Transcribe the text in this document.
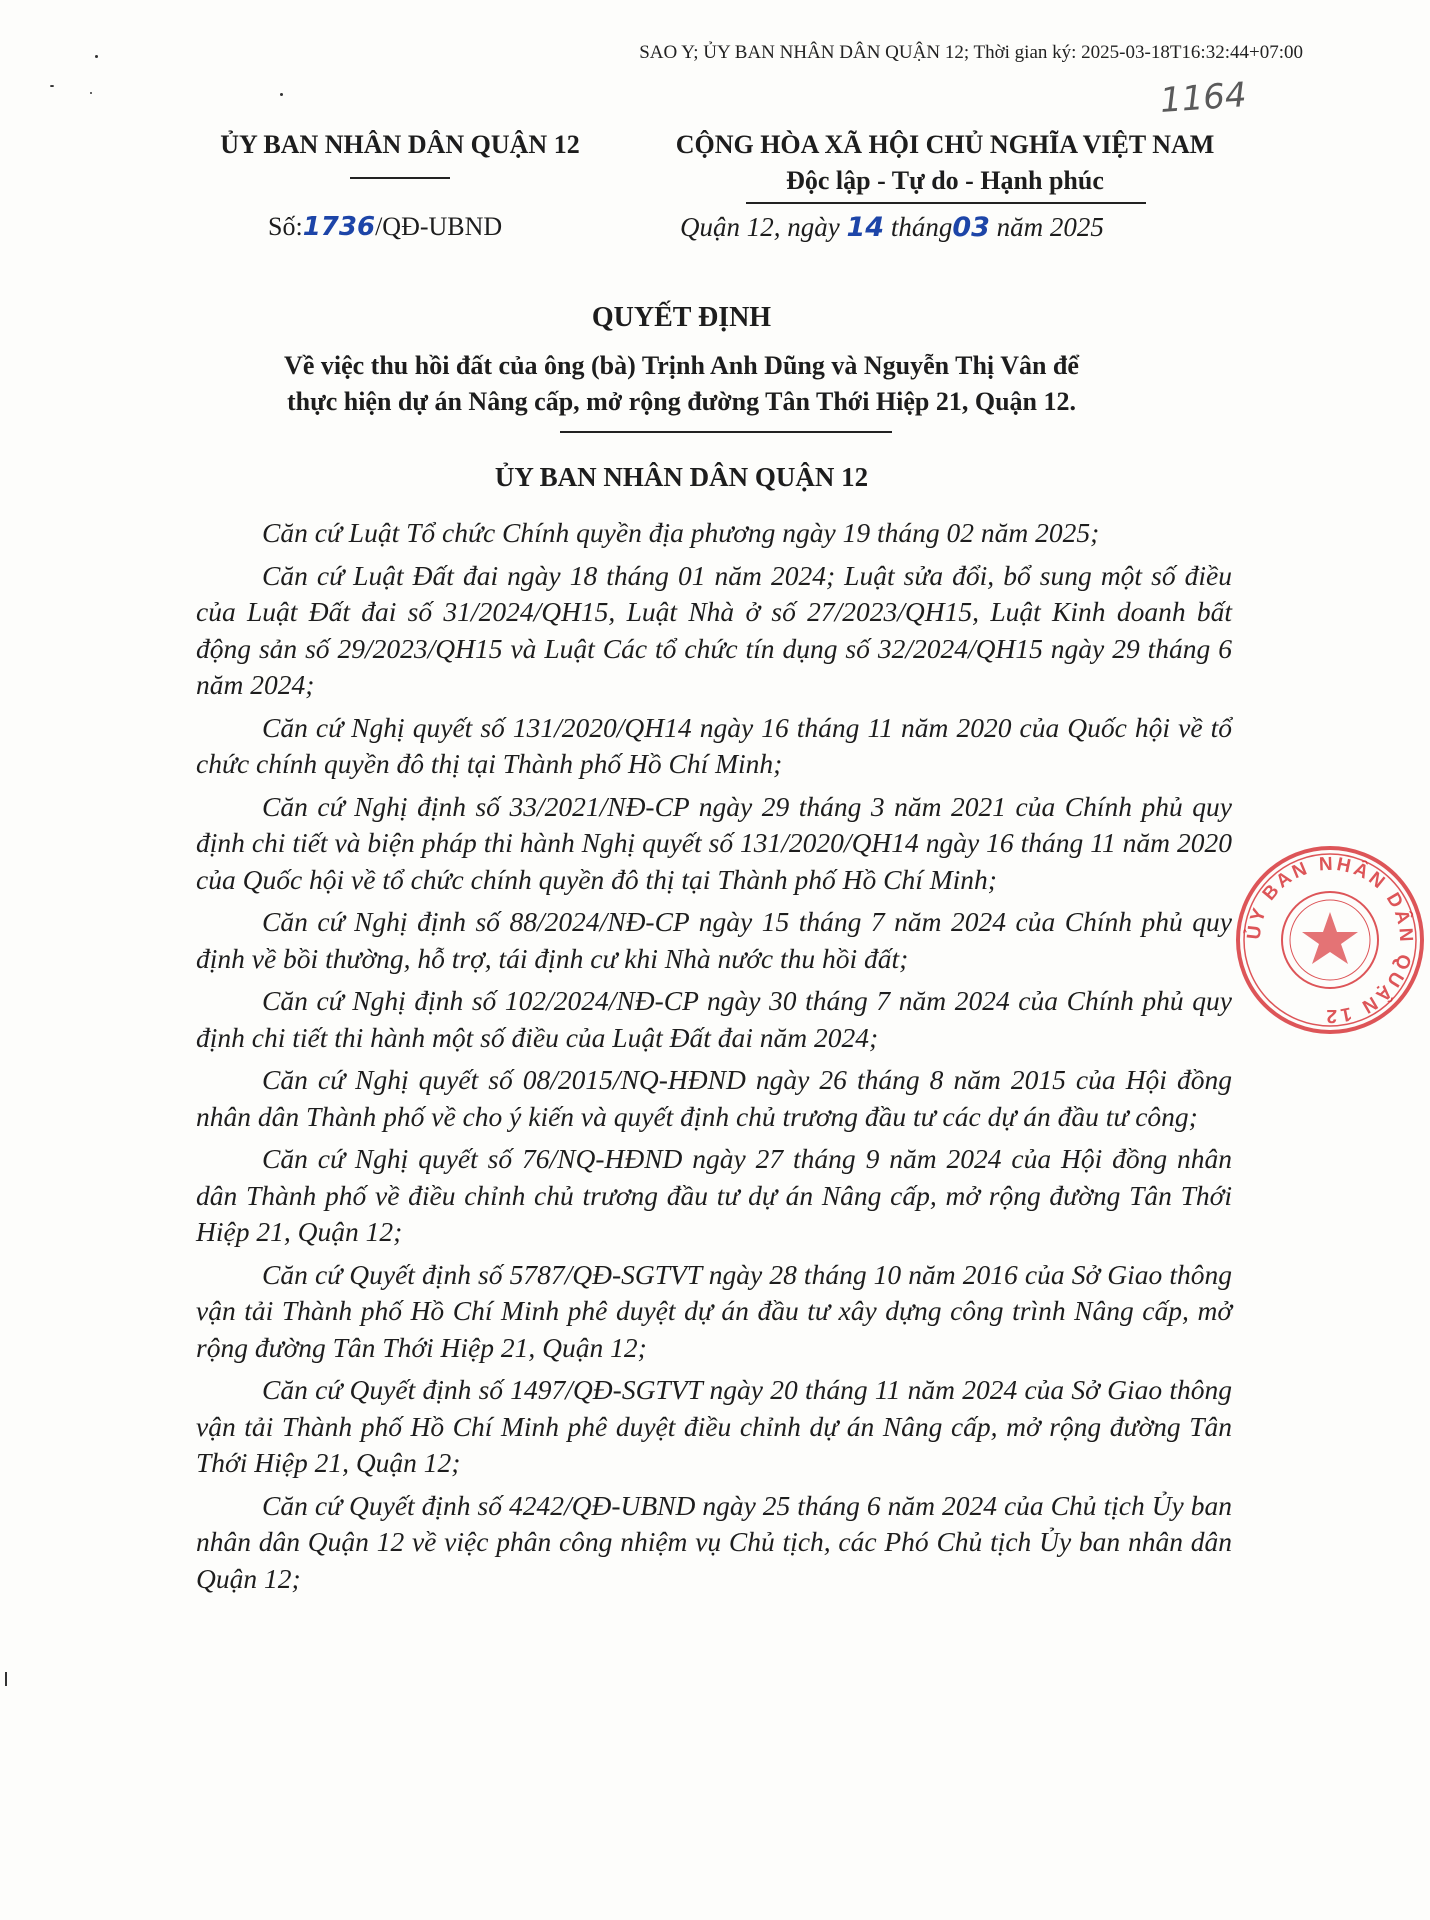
SAO Y; ỦY BAN NHÂN DÂN QUẬN 12; Thời gian ký: 2025-03-18T16:32:44+07:00
1164
ỦY BAN NHÂN DÂN QUẬN 12
Số:1736/QĐ-UBND
CỘNG HÒA XÃ HỘI CHỦ NGHĨA VIỆT NAM
Độc lập - Tự do - Hạnh phúc
Quận 12, ngày 14 tháng03 năm 2025
QUYẾT ĐỊNH
Về việc thu hồi đất của ông (bà) Trịnh Anh Dũng và Nguyễn Thị Vân để
thực hiện dự án Nâng cấp, mở rộng đường Tân Thới Hiệp 21, Quận 12.
ỦY BAN NHÂN DÂN QUẬN 12

Căn cứ Luật Tổ chức Chính quyền địa phương ngày 19 tháng 02 năm 2025;

Căn cứ Luật Đất đai ngày 18 tháng 01 năm 2024; Luật sửa đổi, bổ sung một số điều của Luật Đất đai số 31/2024/QH15, Luật Nhà ở số 27/2023/QH15, Luật Kinh doanh bất động sản số 29/2023/QH15 và Luật Các tổ chức tín dụng số 32/2024/QH15 ngày 29 tháng 6 năm 2024;

Căn cứ Nghị quyết số 131/2020/QH14 ngày 16 tháng 11 năm 2020 của Quốc hội về tổ chức chính quyền đô thị tại Thành phố Hồ Chí Minh;

Căn cứ Nghị định số 33/2021/NĐ-CP ngày 29 tháng 3 năm 2021 của Chính phủ quy định chi tiết và biện pháp thi hành Nghị quyết số 131/2020/QH14 ngày 16 tháng 11 năm 2020 của Quốc hội về tổ chức chính quyền đô thị tại Thành phố Hồ Chí Minh;

Căn cứ Nghị định số 88/2024/NĐ-CP ngày 15 tháng 7 năm 2024 của Chính phủ quy định về bồi thường, hỗ trợ, tái định cư khi Nhà nước thu hồi đất;

Căn cứ Nghị định số 102/2024/NĐ-CP ngày 30 tháng 7 năm 2024 của Chính phủ quy định chi tiết thi hành một số điều của Luật Đất đai năm 2024;

Căn cứ Nghị quyết số 08/2015/NQ-HĐND ngày 26 tháng 8 năm 2015 của Hội đồng nhân dân Thành phố về cho ý kiến và quyết định chủ trương đầu tư các dự án đầu tư công;

Căn cứ Nghị quyết số 76/NQ-HĐND ngày 27 tháng 9 năm 2024 của Hội đồng nhân dân Thành phố về điều chỉnh chủ trương đầu tư dự án Nâng cấp, mở rộng đường Tân Thới Hiệp 21, Quận 12;

Căn cứ Quyết định số 5787/QĐ-SGTVT ngày 28 tháng 10 năm 2016 của Sở Giao thông vận tải Thành phố Hồ Chí Minh phê duyệt dự án đầu tư xây dựng công trình Nâng cấp, mở rộng đường Tân Thới Hiệp 21, Quận 12;

Căn cứ Quyết định số 1497/QĐ-SGTVT ngày 20 tháng 11 năm 2024 của Sở Giao thông vận tải Thành phố Hồ Chí Minh phê duyệt điều chỉnh dự án Nâng cấp, mở rộng đường Tân Thới Hiệp 21, Quận 12;

Căn cứ Quyết định số 4242/QĐ-UBND ngày 25 tháng 6 năm 2024 của Chủ tịch Ủy ban nhân dân Quận 12 về việc phân công nhiệm vụ Chủ tịch, các Phó Chủ tịch Ủy ban nhân dân Quận 12;

ỦY BAN NHÂN DÂN QUẬN 12
